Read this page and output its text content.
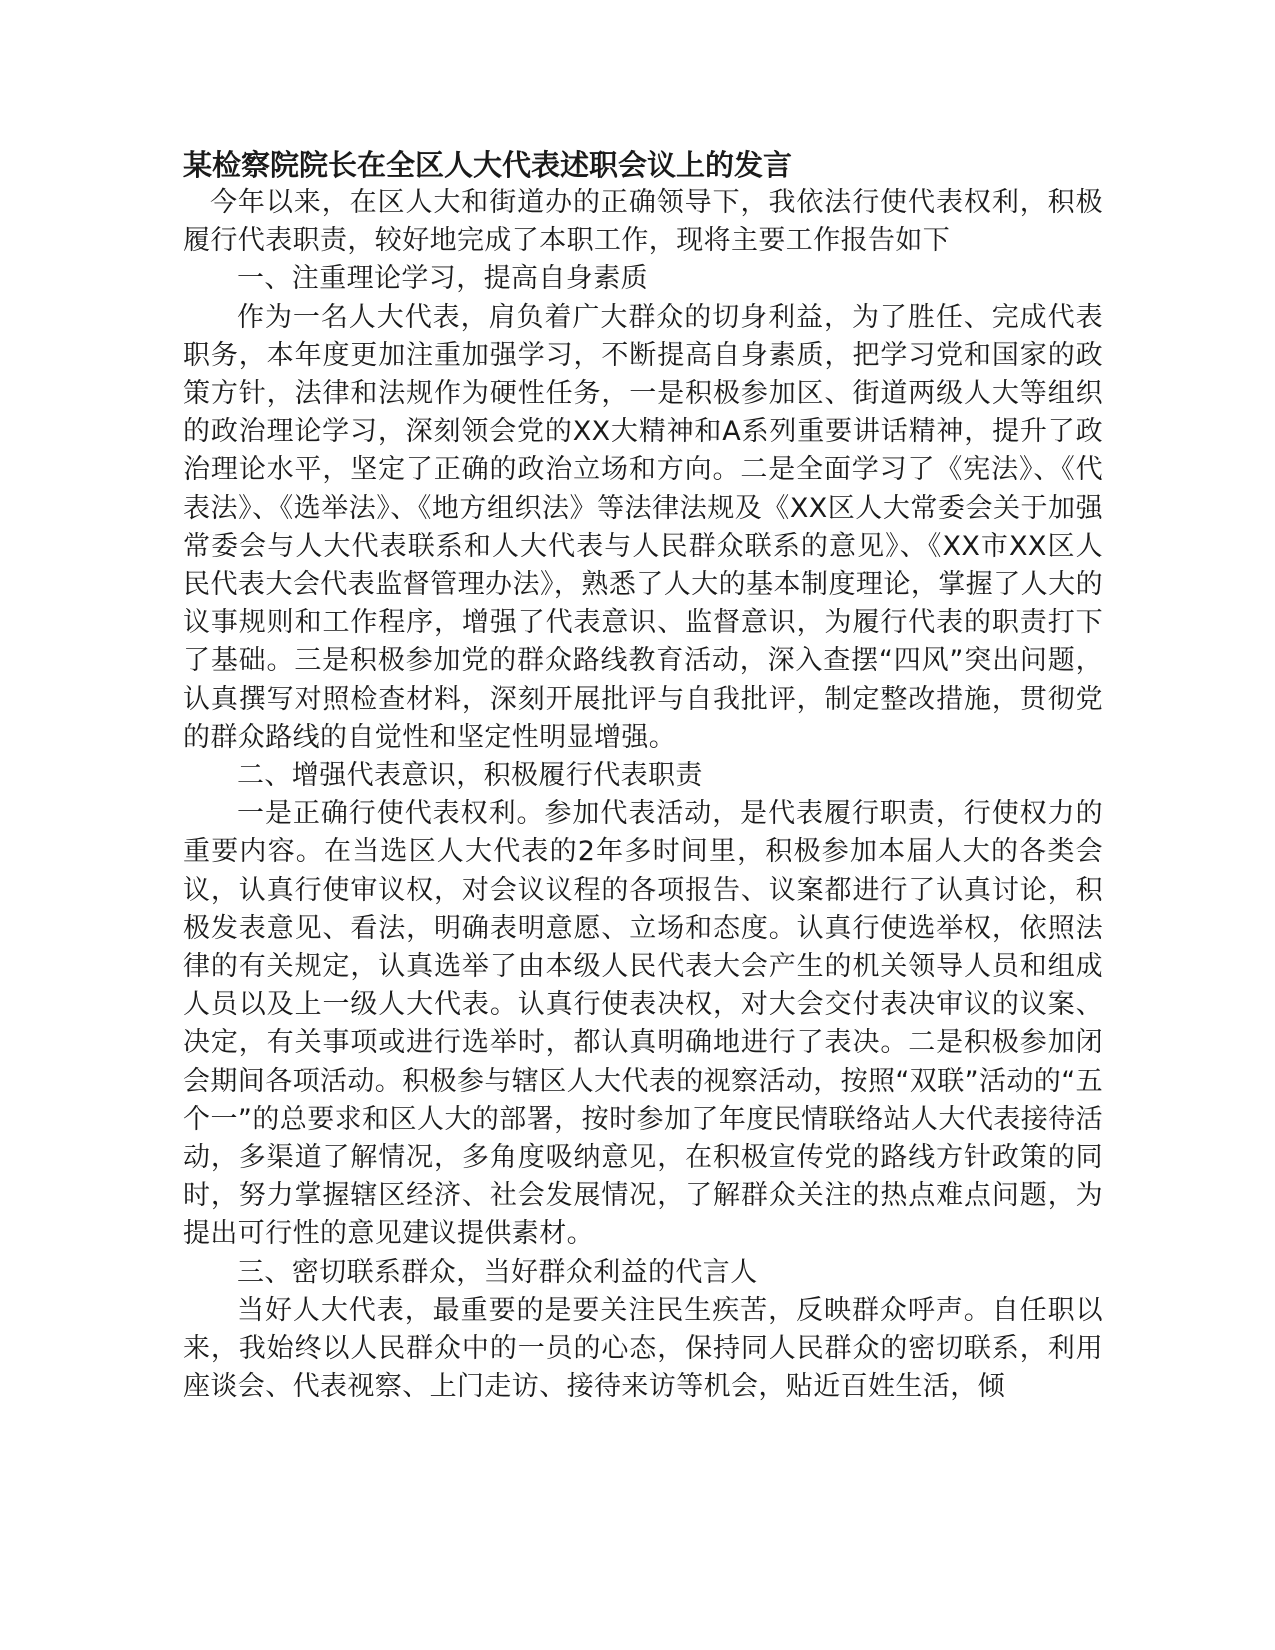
某检察院院长在全区人大代表述职会议上的发言

今年以来，在区人大和街道办的正确领导下，我依法行使代表权利，积极履行代表职责，较好地完成了本职工作，现将主要工作报告如下

一、注重理论学习，提高自身素质

作为一名人大代表，肩负着广大群众的切身利益，为了胜任、完成代表职务，本年度更加注重加强学习，不断提高自身素质，把学习党和国家的政策方针，法律和法规作为硬性任务，一是积极参加区、街道两级人大等组织的政治理论学习，深刻领会党的XX大精神和A系列重要讲话精神，提升了政治理论水平，坚定了正确的政治立场和方向。二是全面学习了《宪法》、《代表法》、《选举法》、《地方组织法》等法律法规及《XX区人大常委会关于加强常委会与人大代表联系和人大代表与人民群众联系的意见》、《XX市XX区人民代表大会代表监督管理办法》，熟悉了人大的基本制度理论，掌握了人大的议事规则和工作程序，增强了代表意识、监督意识，为履行代表的职责打下了基础。三是积极参加党的群众路线教育活动，深入查摆“四风”突出问题，认真撰写对照检查材料，深刻开展批评与自我批评，制定整改措施，贯彻党的群众路线的自觉性和坚定性明显增强。

二、增强代表意识，积极履行代表职责

一是正确行使代表权利。参加代表活动，是代表履行职责，行使权力的重要内容。在当选区人大代表的2年多时间里，积极参加本届人大的各类会议，认真行使审议权，对会议议程的各项报告、议案都进行了认真讨论，积极发表意见、看法，明确表明意愿、立场和态度。认真行使选举权，依照法律的有关规定，认真选举了由本级人民代表大会产生的机关领导人员和组成人员以及上一级人大代表。认真行使表决权，对大会交付表决审议的议案、决定，有关事项或进行选举时，都认真明确地进行了表决。二是积极参加闭会期间各项活动。积极参与辖区人大代表的视察活动，按照“双联”活动的“五个一”的总要求和区人大的部署，按时参加了年度民情联络站人大代表接待活动，多渠道了解情况，多角度吸纳意见，在积极宣传党的路线方针政策的同时，努力掌握辖区经济、社会发展情况，了解群众关注的热点难点问题，为提出可行性的意见建议提供素材。

三、密切联系群众，当好群众利益的代言人

当好人大代表，最重要的是要关注民生疾苦，反映群众呼声。自任职以来，我始终以人民群众中的一员的心态，保持同人民群众的密切联系，利用座谈会、代表视察、上门走访、接待来访等机会，贴近百姓生活，倾
